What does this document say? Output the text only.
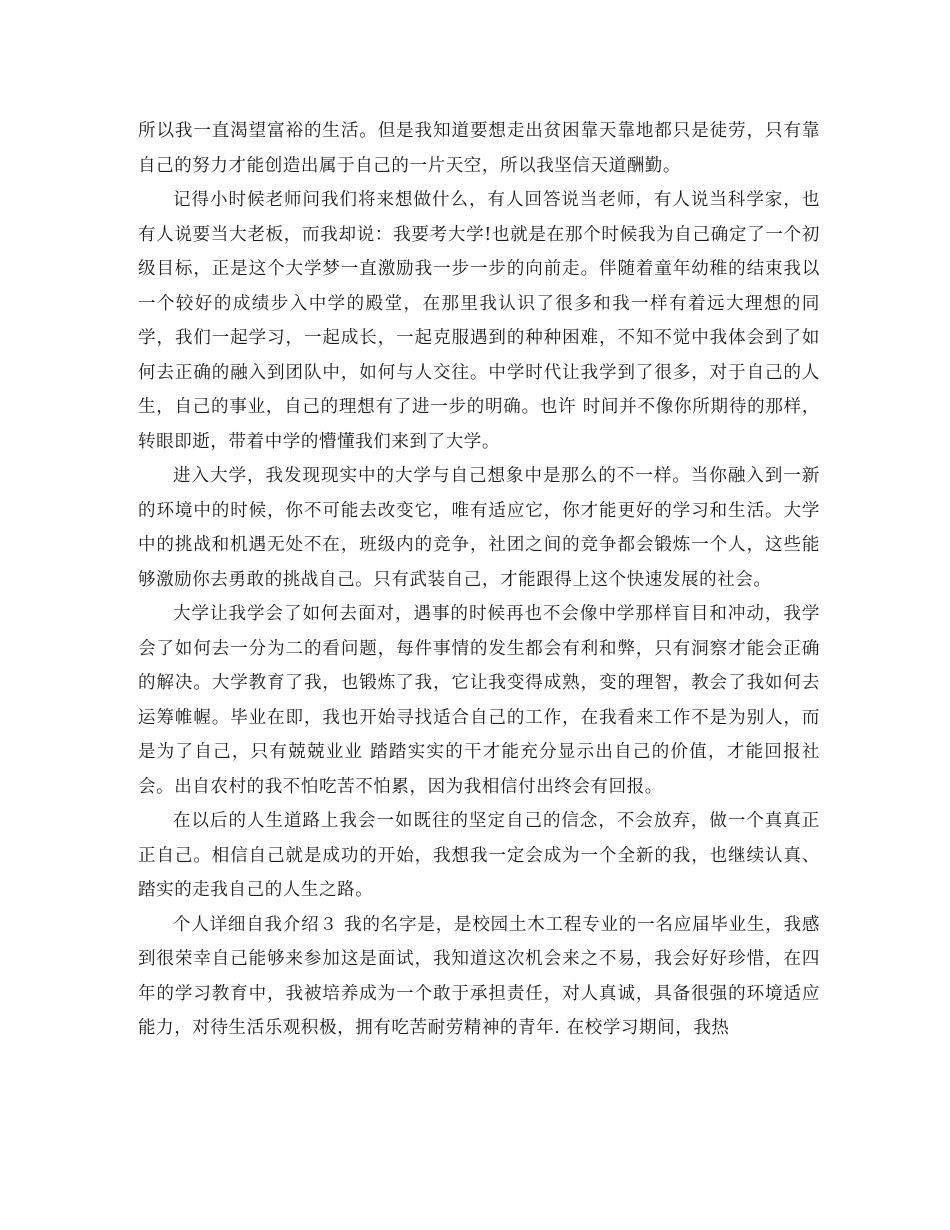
所以我一直渴望富裕的生活。但是我知道要想走出贫困靠天靠地都只是徒劳，只有靠自己的努力才能创造出属于自己的一片天空，所以我坚信天道酬勤。

记得小时候老师问我们将来想做什么，有人回答说当老师，有人说当科学家，也有人说要当大老板，而我却说：我要考大学!也就是在那个时候我为自己确定了一个初级目标，正是这个大学梦一直激励我一步一步的向前走。伴随着童年幼稚的结束我以一个较好的成绩步入中学的殿堂，在那里我认识了很多和我一样有着远大理想的同学，我们一起学习，一起成长，一起克服遇到的种种困难，不知不觉中我体会到了如何去正确的融入到团队中，如何与人交往。中学时代让我学到了很多，对于自己的人生，自己的事业，自己的理想有了进一步的明确。也许 时间并不像你所期待的那样，转眼即逝，带着中学的懵懂我们来到了大学。

进入大学，我发现现实中的大学与自己想象中是那么的不一样。当你融入到一新的环境中的时候，你不可能去改变它，唯有适应它，你才能更好的学习和生活。大学中的挑战和机遇无处不在，班级内的竞争，社团之间的竞争都会锻炼一个人，这些能够激励你去勇敢的挑战自己。只有武装自己，才能跟得上这个快速发展的社会。

大学让我学会了如何去面对，遇事的时候再也不会像中学那样盲目和冲动，我学会了如何去一分为二的看问题，每件事情的发生都会有利和弊，只有洞察才能会正确的解决。大学教育了我，也锻炼了我，它让我变得成熟，变的理智，教会了我如何去运筹帷幄。毕业在即，我也开始寻找适合自己的工作，在我看来工作不是为别人，而是为了自己，只有兢兢业业 踏踏实实的干才能充分显示出自己的价值，才能回报社会。出自农村的我不怕吃苦不怕累，因为我相信付出终会有回报。

在以后的人生道路上我会一如既往的坚定自己的信念，不会放弃，做一个真真正正自己。相信自己就是成功的开始，我想我一定会成为一个全新的我，也继续认真、踏实的走我自己的人生之路。

个人详细自我介绍３ 我的名字是，是校园土木工程专业的一名应届毕业生，我感到很荣幸自己能够来参加这是面试，我知道这次机会来之不易，我会好好珍惜，在四年的学习教育中，我被培养成为一个敢于承担责任，对人真诚，具备很强的环境适应能力，对待生活乐观积极，拥有吃苦耐劳精神的青年. 在校学习期间，我热
